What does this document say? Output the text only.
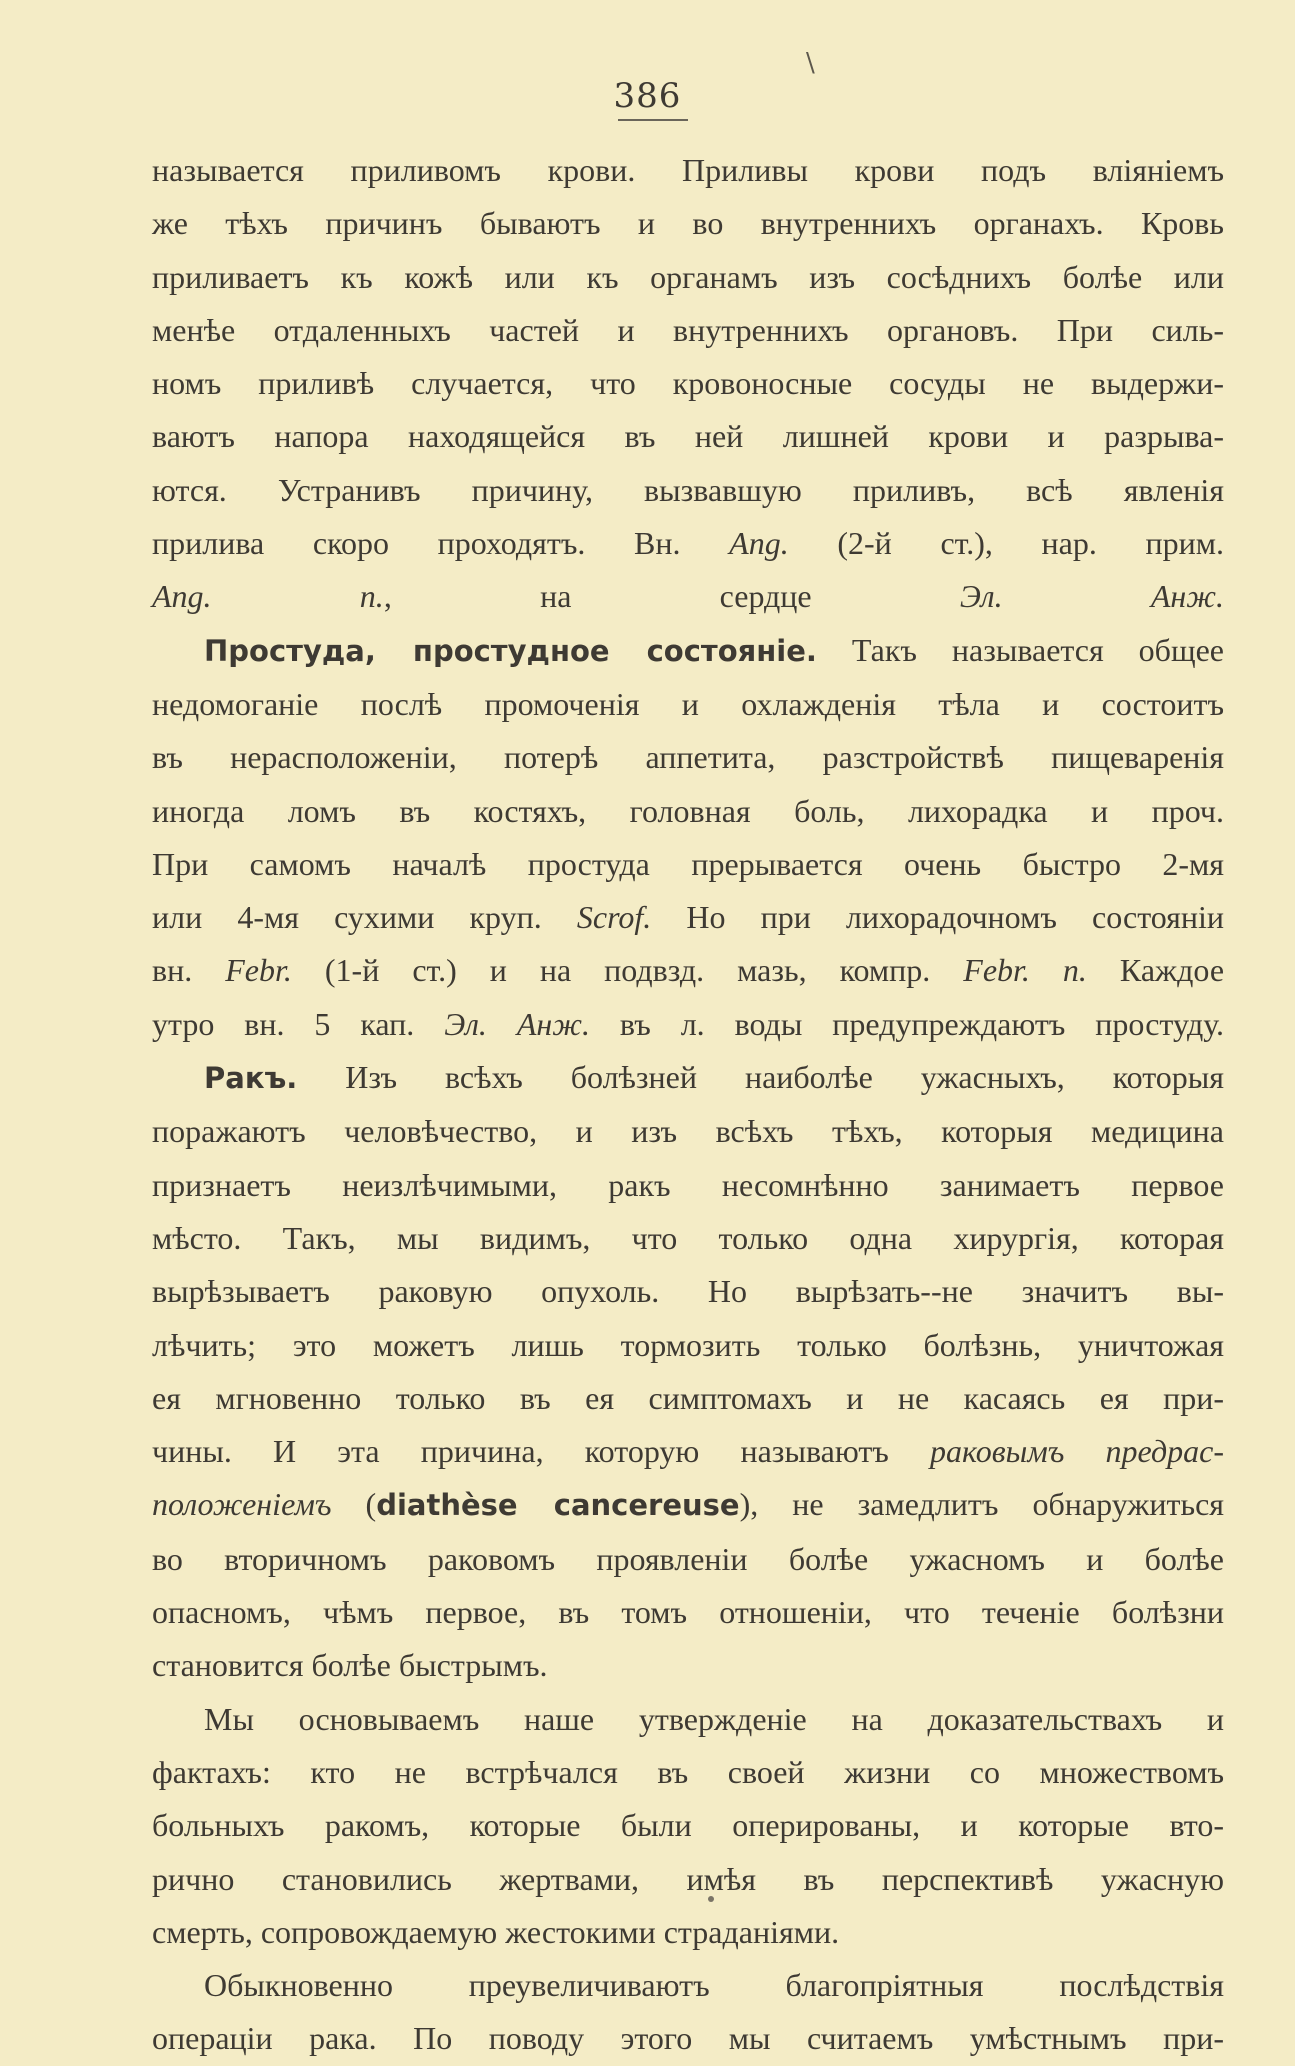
\
386
называется приливомъ крови. Приливы крови подъ вліяніемъ
же тѣхъ причинъ бываютъ и во внутреннихъ органахъ. Кровь
приливаетъ къ кожѣ или къ органамъ изъ сосѣднихъ болѣе или
менѣе отдаленныхъ частей и внутреннихъ органовъ. При силь-
номъ приливѣ случается, что кровоносные сосуды не выдержи-
ваютъ напора находящейся въ ней лишней крови и разрыва-
ются. Устранивъ причину, вызвавшую приливъ, всѣ явленія
прилива скоро проходятъ. Вн. Ang. (2-й ст.), нар. прим.
Ang. n., на сердце Эл. Анж.
Простуда, простудное состояніе. Такъ называется общее
недомоганіе послѣ промоченія и охлажденія тѣла и состоитъ
въ нерасположеніи, потерѣ аппетита, разстройствѣ пищеваренія
иногда ломъ въ костяхъ, головная боль, лихорадка и проч.
При самомъ началѣ простуда прерывается очень быстро 2-мя
или 4-мя сухими круп. Scrof. Но при лихорадочномъ состояніи
вн. Febr. (1-й ст.) и на подвзд. мазь, компр. Febr. n. Каждое
утро вн. 5 кап. Эл. Анж. въ л. воды предупреждаютъ простуду.
Ракъ. Изъ всѣхъ болѣзней наиболѣе ужасныхъ, которыя
поражаютъ человѣчество, и изъ всѣхъ тѣхъ, которыя медицина
признаетъ неизлѣчимыми, ракъ несомнѣнно занимаетъ первое
мѣсто. Такъ, мы видимъ, что только одна хирургія, которая
вырѣзываетъ раковую опухоль. Но вырѣзать--не значитъ вы-
лѣчить; это можетъ лишь тормозить только болѣзнь, уничтожая
ея мгновенно только въ ея симптомахъ и не касаясь ея при-
чины. И эта причина, которую называютъ раковымъ предрас-
положеніемъ (diathèse cancereuse), не замедлитъ обнаружиться
во вторичномъ раковомъ проявленіи болѣе ужасномъ и болѣе
опасномъ, чѣмъ первое, въ томъ отношеніи, что теченіе болѣзни
становится болѣе быстрымъ.
Мы основываемъ наше утвержденіе на доказательствахъ и
фактахъ: кто не встрѣчался въ своей жизни со множествомъ
больныхъ ракомъ, которые были оперированы, и которые вто-
рично становились жертвами, имѣя въ перспективѣ ужасную
смерть, сопровождаемую жестокими страданіями.
Обыкновенно преувеличиваютъ благопріятныя послѣдствія
операціи рака. По поводу этого мы считаемъ умѣстнымъ при-
